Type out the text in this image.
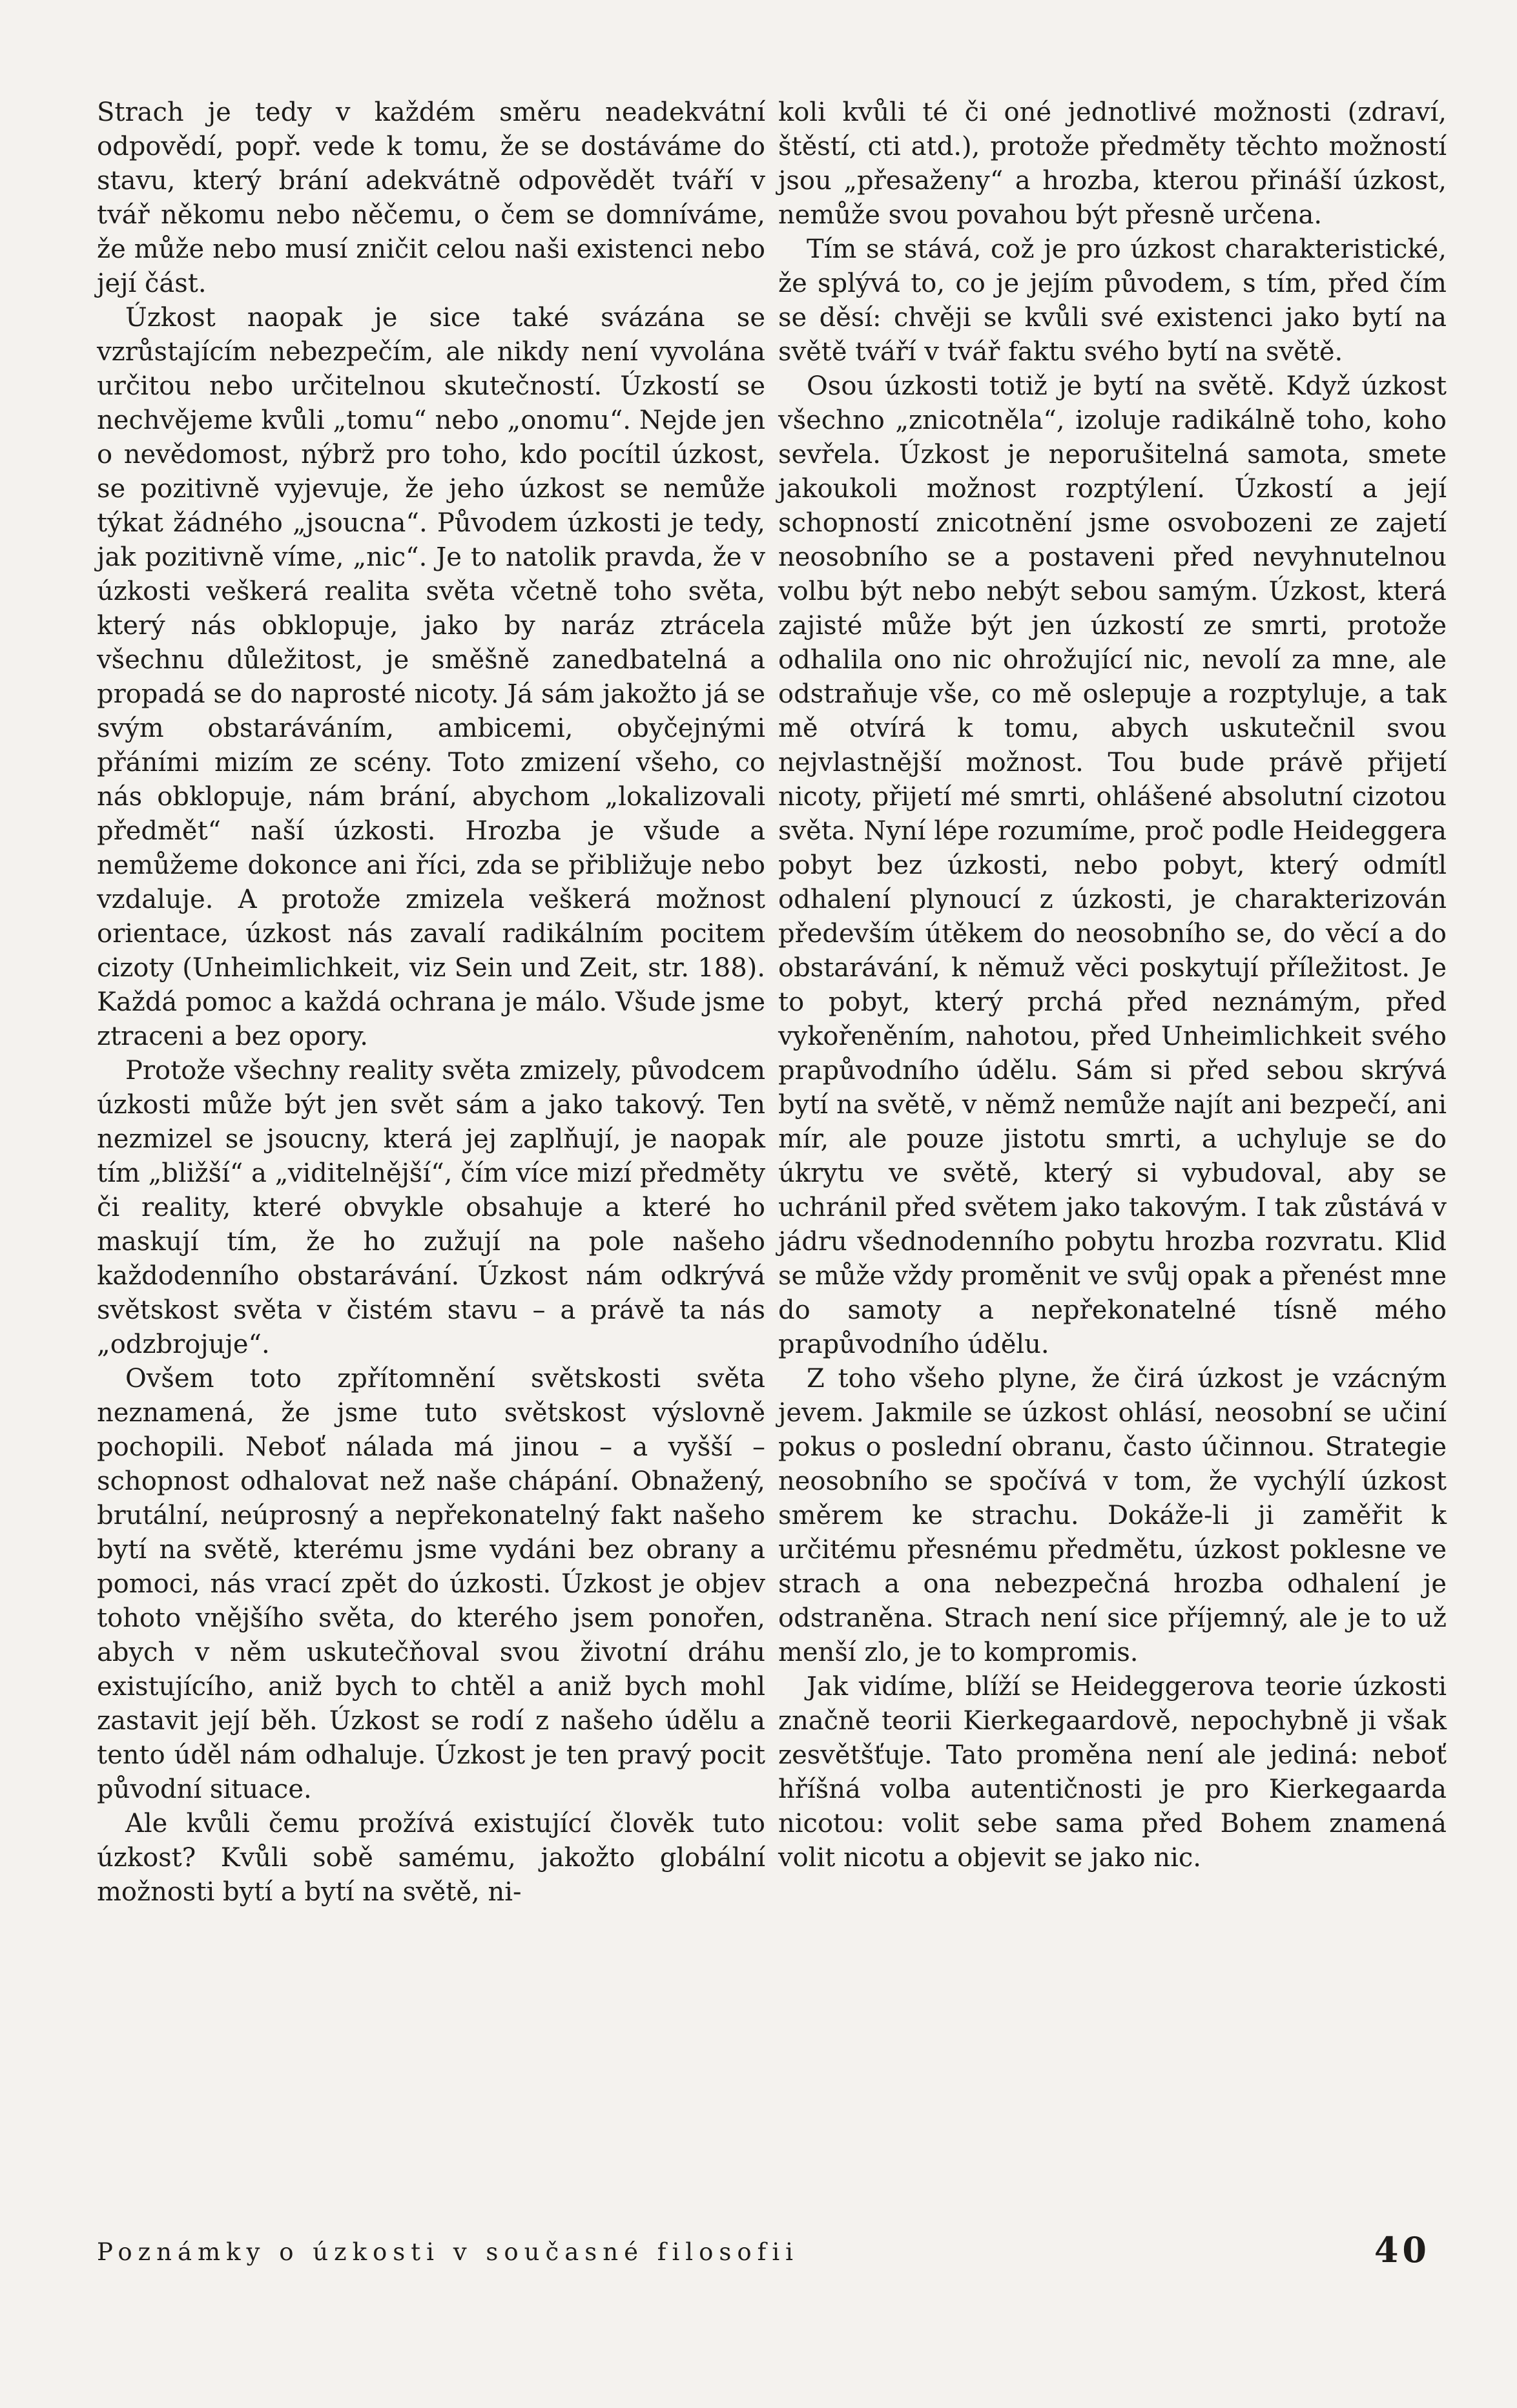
Strach je tedy v každém směru neadekvátní odpovědí, popř. vede k tomu, že se dostáváme do stavu, který brání adekvátně odpovědět tváří v tvář někomu nebo něčemu, o čem se domníváme, že může nebo musí zničit celou naši existenci nebo její část.

Úzkost naopak je sice také svázána se vzrůstajícím nebezpečím, ale nikdy není vyvolána určitou nebo určitelnou skutečností. Úzkostí se nechvějeme kvůli „tomu“ nebo „onomu“. Nejde jen o nevědomost, nýbrž pro toho, kdo pocítil úzkost, se pozitivně vyjevuje, že jeho úzkost se nemůže týkat žádného „jsoucna“. Původem úzkosti je tedy, jak pozitivně víme, „nic“. Je to natolik pravda, že v úzkosti veškerá realita světa včetně toho světa, který nás obklopuje, jako by naráz ztrácela všechnu důležitost, je směšně zanedbatelná a propadá se do naprosté nicoty. Já sám jakožto já se svým obstaráváním, ambicemi, obyčejnými přáními mizím ze scény. Toto zmizení všeho, co nás obklopuje, nám brání, abychom „lokalizovali předmět“ naší úzkosti. Hrozba je všude a nemůžeme dokonce ani říci, zda se přibližuje nebo vzdaluje. A protože zmizela veškerá možnost orientace, úzkost nás zavalí radikálním pocitem cizoty (Unheimlichkeit, viz Sein und Zeit, str. 188). Každá pomoc a každá ochrana je málo. Všude jsme ztraceni a bez opory.

Protože všechny reality světa zmizely, původcem úzkosti může být jen svět sám a jako takový. Ten nezmizel se jsoucny, která jej zaplňují, je naopak tím „bližší“ a „viditelnější“, čím více mizí předměty či reality, které obvykle obsahuje a které ho maskují tím, že ho zužují na pole našeho každodenního obstarávání. Úzkost nám odkrývá světskost světa v čistém stavu – a právě ta nás „odzbrojuje“.

Ovšem toto zpřítomnění světskosti světa neznamená, že jsme tuto světskost výslovně pochopili. Neboť nálada má jinou – a vyšší – schopnost odhalovat než naše chápání. Obnažený, brutální, neúprosný a nepřekonatelný fakt našeho bytí na světě, kterému jsme vydáni bez obrany a pomoci, nás vrací zpět do úzkosti. Úzkost je objev tohoto vnějšího světa, do kterého jsem ponořen, abych v něm uskutečňoval svou životní dráhu existujícího, aniž bych to chtěl a aniž bych mohl zastavit její běh. Úzkost se rodí z našeho údělu a tento úděl nám odhaluje. Úzkost je ten pravý pocit původní situace.

Ale kvůli čemu prožívá existující člověk tuto úzkost? Kvůli sobě samému, jakožto globální možnosti bytí a bytí na světě, ni-

koli kvůli té či oné jednotlivé možnosti (zdraví, štěstí, cti atd.), protože předměty těchto možností jsou „přesaženy“ a hrozba, kterou přináší úzkost, nemůže svou povahou být přesně určena.

Tím se stává, což je pro úzkost charakteristické, že splývá to, co je jejím původem, s tím, před čím se děsí: chvěji se kvůli své existenci jako bytí na světě tváří v tvář faktu svého bytí na světě.

Osou úzkosti totiž je bytí na světě. Když úzkost všechno „znicotněla“, izoluje radikálně toho, koho sevřela. Úzkost je neporušitelná samota, smete jakoukoli možnost rozptýlení. Úzkostí a její schopností znicotnění jsme osvobozeni ze zajetí neosobního se a postaveni před nevyhnutelnou volbu být nebo nebýt sebou samým. Úzkost, která zajisté může být jen úzkostí ze smrti, protože odhalila ono nic ohrožující nic, nevolí za mne, ale odstraňuje vše, co mě oslepuje a rozptyluje, a tak mě otvírá k tomu, abych uskutečnil svou nejvlastnější možnost. Tou bude právě přijetí nicoty, přijetí mé smrti, ohlášené absolutní cizotou světa. Nyní lépe rozumíme, proč podle Heideggera pobyt bez úzkosti, nebo pobyt, který odmítl odhalení plynoucí z úzkosti, je charakterizován především útěkem do neosobního se, do věcí a do obstarávání, k němuž věci poskytují příležitost. Je to pobyt, který prchá před neznámým, před vykořeněním, nahotou, před Unheimlichkeit svého prapůvodního údělu. Sám si před sebou skrývá bytí na světě, v němž nemůže najít ani bezpečí, ani mír, ale pouze jistotu smrti, a uchyluje se do úkrytu ve světě, který si vybudoval, aby se uchránil před světem jako takovým. I tak zůstává v jádru všednodenního pobytu hrozba rozvratu. Klid se může vždy proměnit ve svůj opak a přenést mne do samoty a nepřekonatelné tísně mého prapůvodního údělu.

Z toho všeho plyne, že čirá úzkost je vzácným jevem. Jakmile se úzkost ohlásí, neosobní se učiní pokus o poslední obranu, často účinnou. Strategie neosobního se spočívá v tom, že vychýlí úzkost směrem ke strachu. Dokáže-li ji zaměřit k určitému přesnému předmětu, úzkost poklesne ve strach a ona nebezpečná hrozba odhalení je odstraněna. Strach není sice příjemný, ale je to už menší zlo, je to kompromis.

Jak vidíme, blíží se Heideggerova teorie úzkosti značně teorii Kierkegaardově, nepochybně ji však zesvětšťuje. Tato proměna není ale jediná: neboť hříšná volba autentičnosti je pro Kierkegaarda nicotou: volit sebe sama před Bohem znamená volit nicotu a objevit se jako nic.

Poznámky o úzkosti v současné filosofii	40
